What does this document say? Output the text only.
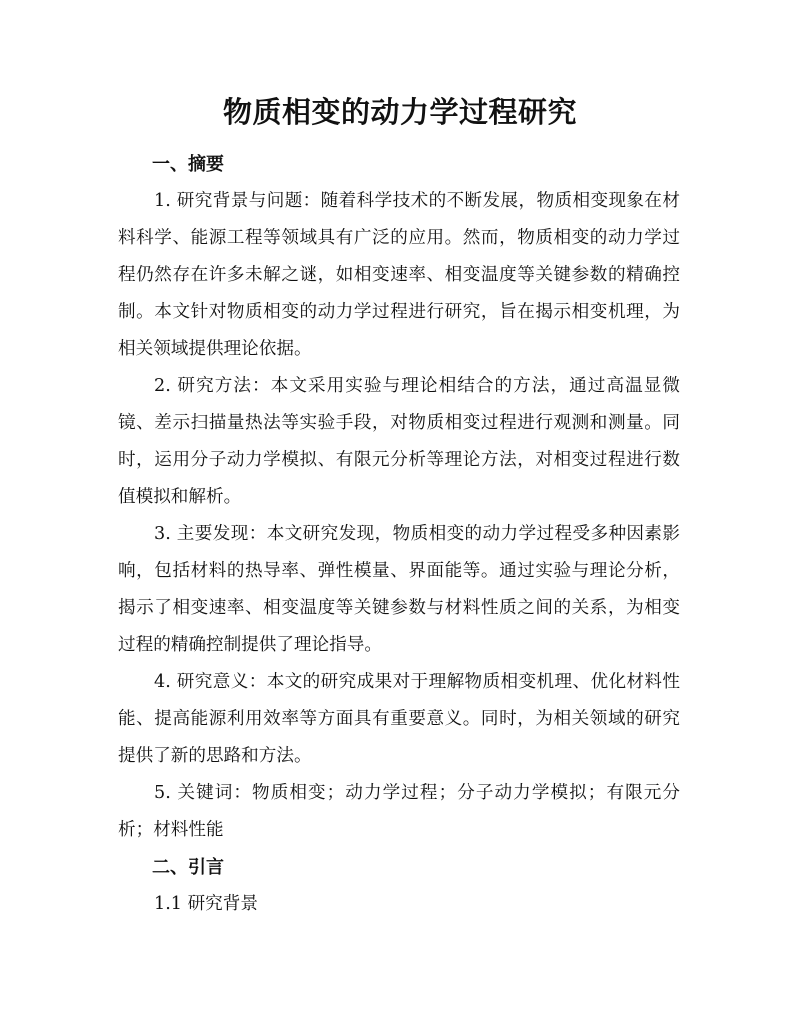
物质相变的动力学过程研究

一、摘要

1. 研究背景与问题：随着科学技术的不断发展，物质相变现象在材料科学、能源工程等领域具有广泛的应用。然而，物质相变的动力学过程仍然存在许多未解之谜，如相变速率、相变温度等关键参数的精确控制。本文针对物质相变的动力学过程进行研究，旨在揭示相变机理，为相关领域提供理论依据。

2. 研究方法：本文采用实验与理论相结合的方法，通过高温显微镜、差示扫描量热法等实验手段，对物质相变过程进行观测和测量。同时，运用分子动力学模拟、有限元分析等理论方法，对相变过程进行数值模拟和解析。

3. 主要发现：本文研究发现，物质相变的动力学过程受多种因素影响，包括材料的热导率、弹性模量、界面能等。通过实验与理论分析，揭示了相变速率、相变温度等关键参数与材料性质之间的关系，为相变过程的精确控制提供了理论指导。

4. 研究意义：本文的研究成果对于理解物质相变机理、优化材料性能、提高能源利用效率等方面具有重要意义。同时，为相关领域的研究提供了新的思路和方法。

5. 关键词：物质相变；动力学过程；分子动力学模拟；有限元分析；材料性能

二、引言

1.1 研究背景
